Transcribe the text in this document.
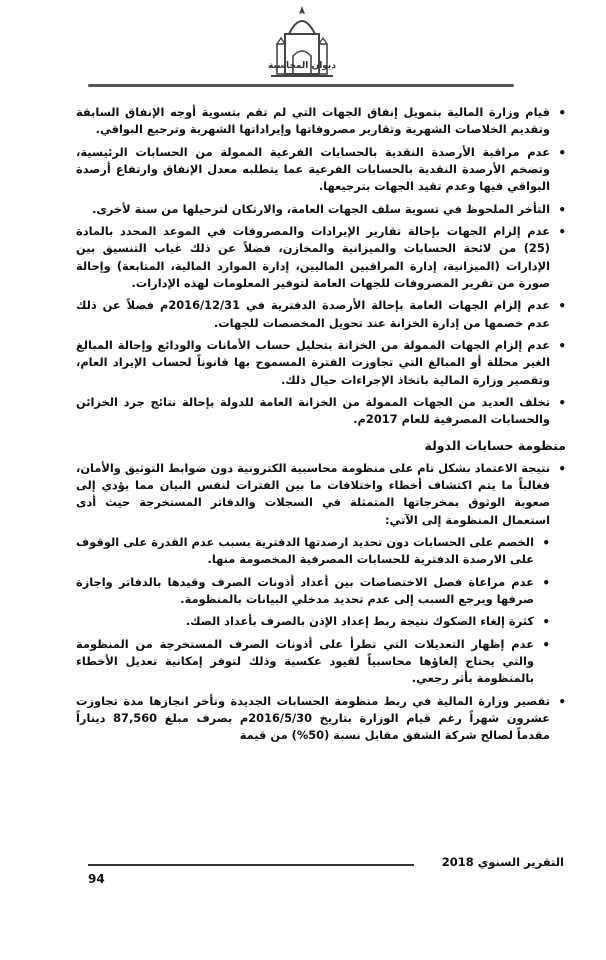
ديوان المحاسبة
•
قيام وزارة المالية بتمويل إنفاق الجهات التي لم تقم بتسوية أوجه الإنفاق السابقة وتقديم الخلاصات الشهرية وتقارير مصروفاتها وإيراداتها الشهرية وترجيع البواقي.
•
عدم مراقبة الأرصدة النقدية بالحسابات الفرعية الممولة من الحسابات الرئيسية، وتضخم الأرصدة النقدية بالحسابات الفرعية عما يتطلبه معدل الإنفاق وارتفاع أرصدة البواقي فيها وعدم تقيد الجهات بترجيعها.
•
التأخر الملحوظ في تسوية سلف الجهات العامة، والارتكان لترحيلها من سنة لأخرى.
•
عدم إلزام الجهات بإحالة تقارير الإيرادات والمصروفات في الموعد المحدد بالمادة (25) من لائحة الحسابات والميزانية والمخازن، فضلاً عن ذلك غياب التنسيق بين الإدارات (الميزانية، إدارة المراقبين الماليين، إدارة الموارد المالية، المتابعة) وإحالة صورة من تقرير المصروفات للجهات العامة لتوفير المعلومات لهذه الإدارات.
•
عدم إلزام الجهات العامة بإحالة الأرصدة الدفترية في 2016/12/31م فضلاً عن ذلك عدم خصمها من إدارة الخزانة عند تحويل المخصصات للجهات.
•
عدم إلزام الجهات الممولة من الخزانة بتحليل حساب الأمانات والودائع وإحالة المبالغ الغير محللة أو المبالغ التي تجاوزت الفترة المسموح بها قانوناً لحساب الإيراد العام، وتقصير وزارة المالية باتخاذ الإجراءات حيال ذلك.
•
تخلف العديد من الجهات الممولة من الخزانة العامة للدولة بإحالة نتائج جرد الخزائن والحسابات المصرفية للعام 2017م.
منظومة حسابات الدولة
•
نتيجة الاعتماد بشكل تام على منظومة محاسبية الكترونية دون ضوابط التوثيق والأمان، فغالباً ما يتم اكتشاف أخطاء واختلافات ما بين الفترات لنفس البيان مما يؤدي إلى صعوبة الوثوق بمخرجاتها المتمثلة في السجلات والدفاتر المستخرجة حيث أدى استعمال المنظومة إلى الآتي:
•
الخصم على الحسابات دون تحديد ارصدتها الدفترية بسبب عدم القدرة على الوقوف على الارصدة الدفترية للحسابات المصرفية المخصومة منها.
•
عدم مراعاة فصل الاختصاصات بين أعداد أذونات الصرف وقيدها بالدفاتر واجازة صرفها ويرجع السبب إلى عدم تحديد مدخلي البيانات بالمنظومة.
•
كثرة إلغاء الصكوك نتيجة ربط إعداد الإذن بالصرف بأعداد الصك.
•
عدم إظهار التعديلات التي تطرأ على أذونات الصرف المستخرجة من المنظومة والتي يحتاج إلغاؤها محاسبياً لقيود عكسية وذلك لتوفر إمكانية تعديل الأخطاء بالمنظومة بأثر رجعي.
•
تقصير وزارة المالية في ربط منظومة الحسابات الجديدة وتأخر انجازها مدة تجاوزت عشرون شهراً رغم قيام الوزارة بتاريخ 2016/5/30م بصرف مبلغ 87,560 ديناراً مقدماً لصالح شركة الشفق مقابل نسبة (50%) من قيمة
التقرير السنوي 2018
94
